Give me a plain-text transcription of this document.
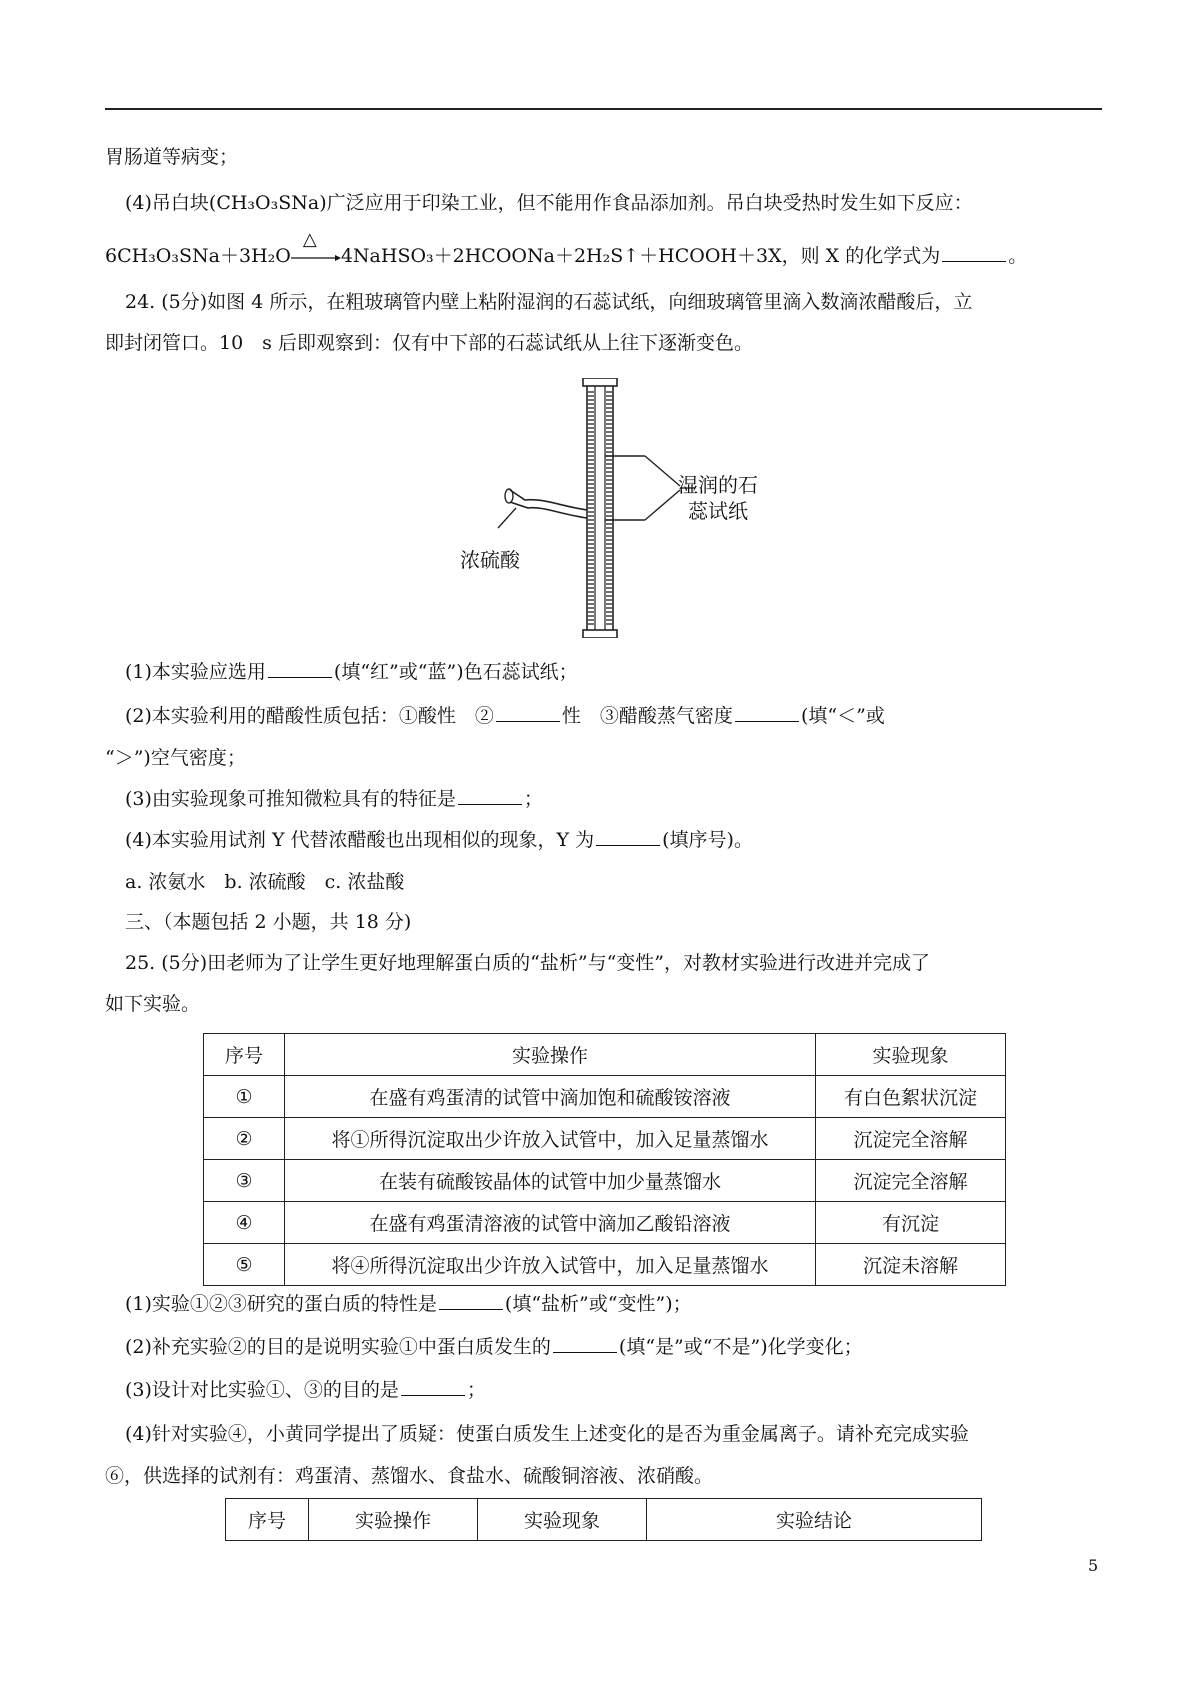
胃肠道等病变；
(4)吊白块(CH₃O₃SNa)广泛应用于印染工业，但不能用作食品添加剂。吊白块受热时发生如下反应：
6CH₃O₃SNa＋3H₂O
△
4NaHSO₃＋2HCOONa＋2H₂S↑＋HCOOH＋3X，则 X 的化学式为	。
24. (5分)如图 4 所示，在粗玻璃管内壁上粘附湿润的石蕊试纸，向细玻璃管里滴入数滴浓醋酸后，立
即封闭管口。10　s 后即观察到：仅有中下部的石蕊试纸从上往下逐渐变色。
湿润的石
蕊试纸
浓硫酸
(1)本实验应选用	(填“红”或“蓝”)色石蕊试纸；
(2)本实验利用的醋酸性质包括：①酸性　②	性　③醋酸蒸气密度	(填“＜”或
“＞”)空气密度；
(3)由实验现象可推知微粒具有的特征是	；
(4)本实验用试剂 Y 代替浓醋酸也出现相似的现象，Y 为	(填序号)。
a. 浓氨水　b. 浓硫酸　c. 浓盐酸
三、（本题包括 2 小题，共 18 分)
25. (5分)田老师为了让学生更好地理解蛋白质的“盐析”与“变性”，对教材实验进行改进并完成了
如下实验。
序号	实验操作	实验现象
①	在盛有鸡蛋清的试管中滴加饱和硫酸铵溶液	有白色絮状沉淀
②	将①所得沉淀取出少许放入试管中，加入足量蒸馏水	沉淀完全溶解
③	在装有硫酸铵晶体的试管中加少量蒸馏水	沉淀完全溶解
④	在盛有鸡蛋清溶液的试管中滴加乙酸铅溶液	有沉淀
⑤	将④所得沉淀取出少许放入试管中，加入足量蒸馏水	沉淀未溶解
(1)实验①②③研究的蛋白质的特性是	(填“盐析”或“变性”)；
(2)补充实验②的目的是说明实验①中蛋白质发生的	(填“是”或“不是”)化学变化；
(3)设计对比实验①、③的目的是	；
(4)针对实验④，小黄同学提出了质疑：使蛋白质发生上述变化的是否为重金属离子。请补充完成实验
⑥，供选择的试剂有：鸡蛋清、蒸馏水、食盐水、硫酸铜溶液、浓硝酸。
序号	实验操作	实验现象	实验结论
5
